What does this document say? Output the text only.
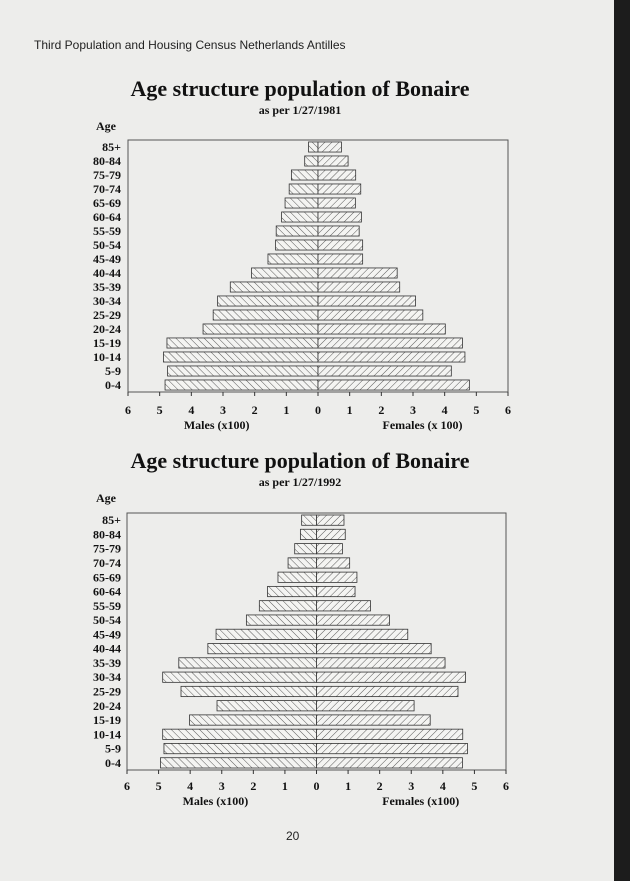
Third Population and Housing Census Netherlands Antilles
20
Age structure population of Bonaire
as per 1/27/1981
Age
85+
80-84
75-79
70-74
65-69
60-64
55-59
50-54
45-49
40-44
35-39
30-34
25-29
20-24
15-19
10-14
5-9
0-4
6 5 4 3 2 1 0 1 2 3 4 5 6
Males (x100)	Females (x 100)
Age structure population of Bonaire
as per 1/27/1992
Age
85+
80-84
75-79
70-74
65-69
60-64
55-59
50-54
45-49
40-44
35-39
30-34
25-29
20-24
15-19
10-14
5-9
0-4
6 5 4 3 2 1 0 1 2 3 4 5 6
Males (x100)	Females (x100)
